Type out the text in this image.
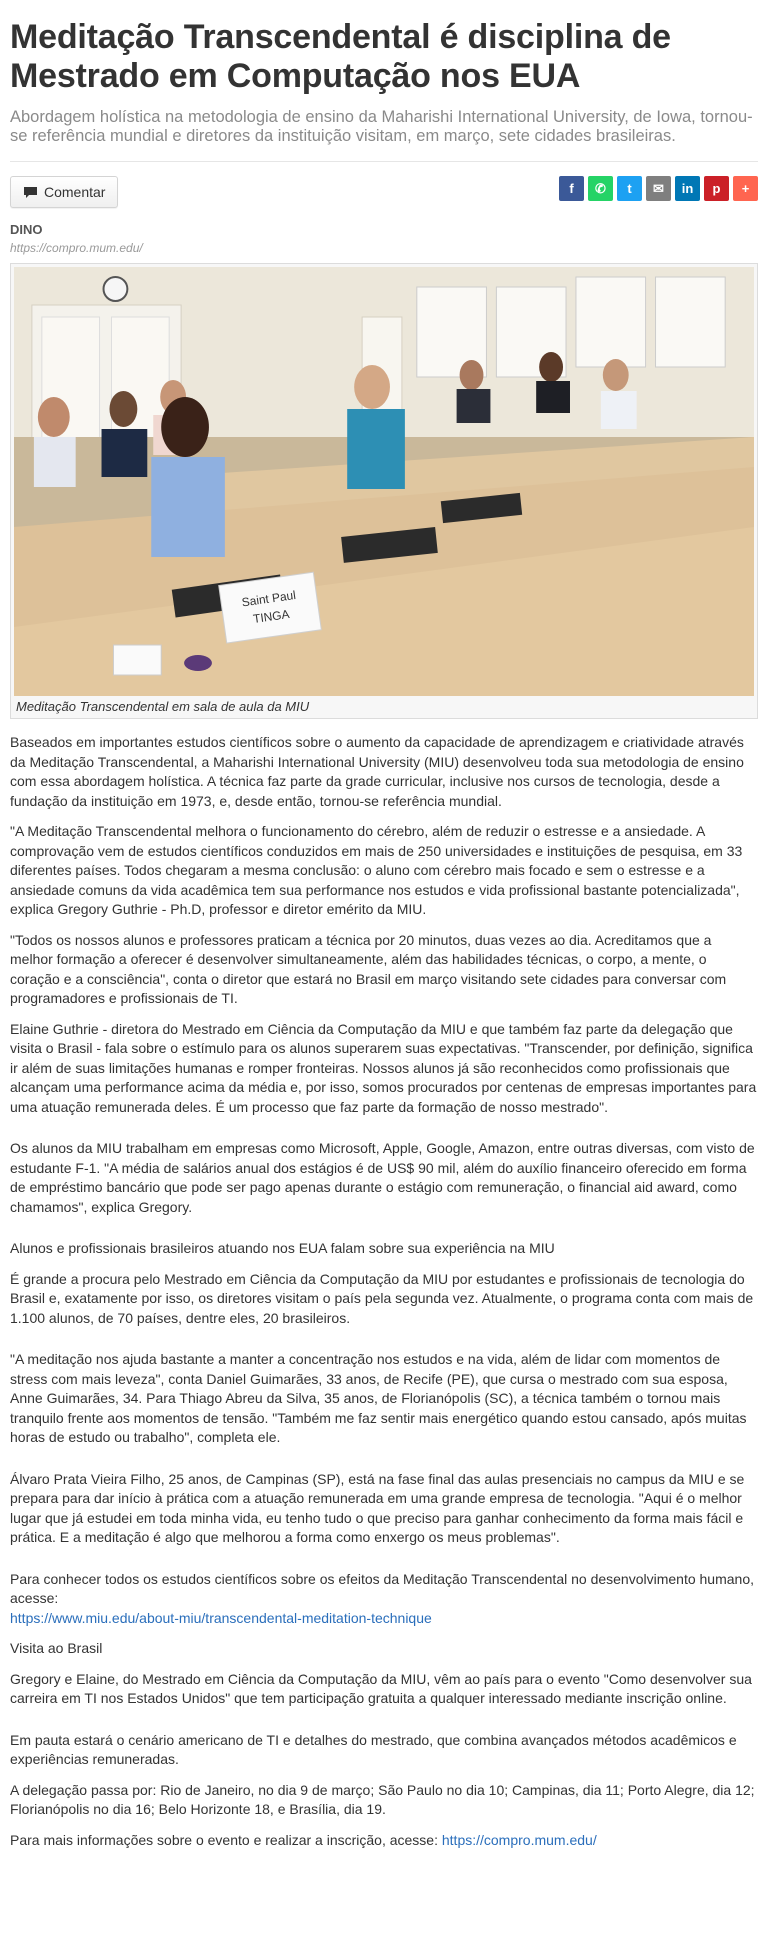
Meditação Transcendental é disciplina de Mestrado em Computação nos EUA
Abordagem holística na metodologia de ensino da Maharishi International University, de Iowa, tornou-se referência mundial e diretores da instituição visitam, em março, sete cidades brasileiras.
Comentar	f ✆ t ✉ in p +
DINO
https://compro.mum.edu/
Saint Paul
TINGA
Meditação Transcendental em sala de aula da MIU

Baseados em importantes estudos científicos sobre o aumento da capacidade de aprendizagem e criatividade através da Meditação Transcendental, a Maharishi International University (MIU) desenvolveu toda sua metodologia de ensino com essa abordagem holística. A técnica faz parte da grade curricular, inclusive nos cursos de tecnologia, desde a fundação da instituição em 1973, e, desde então, tornou-se referência mundial.

"A Meditação Transcendental melhora o funcionamento do cérebro, além de reduzir o estresse e a ansiedade. A comprovação vem de estudos científicos conduzidos em mais de 250 universidades e instituições de pesquisa, em 33 diferentes países. Todos chegaram a mesma conclusão: o aluno com cérebro mais focado e sem o estresse e a ansiedade comuns da vida acadêmica tem sua performance nos estudos e vida profissional bastante potencializada", explica Gregory Guthrie - Ph.D, professor e diretor emérito da MIU.

"Todos os nossos alunos e professores praticam a técnica por 20 minutos, duas vezes ao dia. Acreditamos que a melhor formação a oferecer é desenvolver simultaneamente, além das habilidades técnicas, o corpo, a mente, o coração e a consciência", conta o diretor que estará no Brasil em março visitando sete cidades para conversar com programadores e profissionais de TI.

Elaine Guthrie - diretora do Mestrado em Ciência da Computação da MIU e que também faz parte da delegação que visita o Brasil - fala sobre o estímulo para os alunos superarem suas expectativas. "Transcender, por definição, significa ir além de suas limitações humanas e romper fronteiras. Nossos alunos já são reconhecidos como profissionais que alcançam uma performance acima da média e, por isso, somos procurados por centenas de empresas importantes para uma atuação remunerada deles. É um processo que faz parte da formação de nosso mestrado".

Os alunos da MIU trabalham em empresas como Microsoft, Apple, Google, Amazon, entre outras diversas, com visto de estudante F-1. "A média de salários anual dos estágios é de US$ 90 mil, além do auxílio financeiro oferecido em forma de empréstimo bancário que pode ser pago apenas durante o estágio com remuneração, o financial aid award, como chamamos", explica Gregory.

Alunos e profissionais brasileiros atuando nos EUA falam sobre sua experiência na MIU

É grande a procura pelo Mestrado em Ciência da Computação da MIU por estudantes e profissionais de tecnologia do Brasil e, exatamente por isso, os diretores visitam o país pela segunda vez. Atualmente, o programa conta com mais de 1.100 alunos, de 70 países, dentre eles, 20 brasileiros.

"A meditação nos ajuda bastante a manter a concentração nos estudos e na vida, além de lidar com momentos de stress com mais leveza", conta Daniel Guimarães, 33 anos, de Recife (PE), que cursa o mestrado com sua esposa, Anne Guimarães, 34. Para Thiago Abreu da Silva, 35 anos, de Florianópolis (SC), a técnica também o tornou mais tranquilo frente aos momentos de tensão. "Também me faz sentir mais energético quando estou cansado, após muitas horas de estudo ou trabalho", completa ele.

Álvaro Prata Vieira Filho, 25 anos, de Campinas (SP), está na fase final das aulas presenciais no campus da MIU e se prepara para dar início à prática com a atuação remunerada em uma grande empresa de tecnologia. "Aqui é o melhor lugar que já estudei em toda minha vida, eu tenho tudo o que preciso para ganhar conhecimento da forma mais fácil e prática. E a meditação é algo que melhorou a forma como enxergo os meus problemas".

Para conhecer todos os estudos científicos sobre os efeitos da Meditação Transcendental no desenvolvimento humano, acesse:
https://www.miu.edu/about-miu/transcendental-meditation-technique

Visita ao Brasil

Gregory e Elaine, do Mestrado em Ciência da Computação da MIU, vêm ao país para o evento "Como desenvolver sua carreira em TI nos Estados Unidos" que tem participação gratuita a qualquer interessado mediante inscrição online.

Em pauta estará o cenário americano de TI e detalhes do mestrado, que combina avançados métodos acadêmicos e experiências remuneradas.

A delegação passa por: Rio de Janeiro, no dia 9 de março; São Paulo no dia 10; Campinas, dia 11; Porto Alegre, dia 12; Florianópolis no dia 16; Belo Horizonte 18, e Brasília, dia 19.

Para mais informações sobre o evento e realizar a inscrição, acesse: https://compro.mum.edu/
